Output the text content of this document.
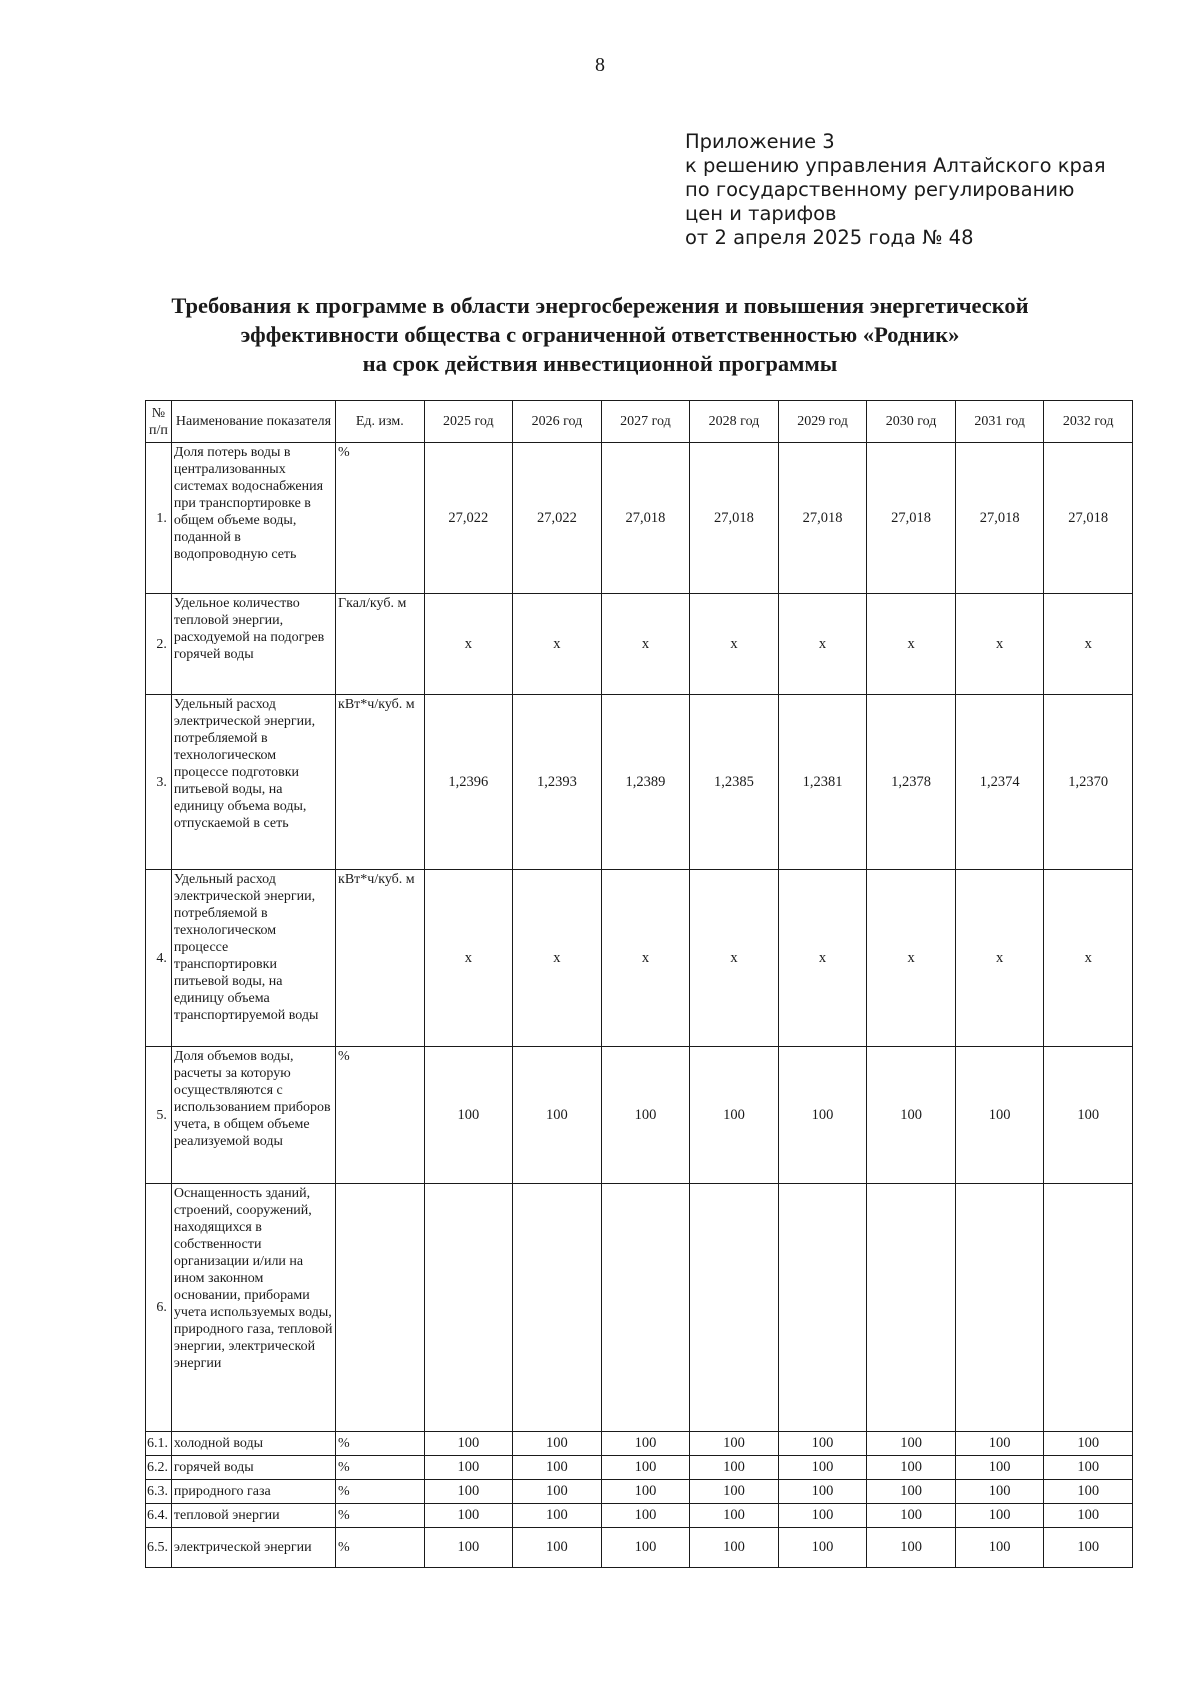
8
Приложение 3
к решению управления Алтайского края
по государственному регулированию
цен и тарифов
от 2 апреля 2025 года № 48
Требования к программе в области энергосбережения и повышения энергетической
эффективности общества с ограниченной ответственностью «Родник»
на срок действия инвестиционной программы
№ п/п	Наименование показателя	Ед. изм.	2025 год	2026 год	2027 год	2028 год	2029 год	2030 год	2031 год	2032 год
1.	Доля потерь воды в централизованных системах водоснабжения при транспортировке в общем объеме воды, поданной в водопроводную сеть	%	27,022	27,022	27,018	27,018	27,018	27,018	27,018	27,018
2.	Удельное количество тепловой энергии, расходуемой на подогрев горячей воды	Гкал/куб. м	x	x	x	x	x	x	x	x
3.	Удельный расход электрической энергии, потребляемой в технологическом процессе подготовки питьевой воды, на единицу объема воды, отпускаемой в сеть	кВт*ч/куб. м	1,2396	1,2393	1,2389	1,2385	1,2381	1,2378	1,2374	1,2370
4.	Удельный расход электрической энергии, потребляемой в технологическом процессе транспортировки питьевой воды, на единицу объема транспортируемой воды	кВт*ч/куб. м	x	x	x	x	x	x	x	x
5.	Доля объемов воды, расчеты за которую осуществляются с использованием приборов учета, в общем объеме реализуемой воды	%	100	100	100	100	100	100	100	100
6.	Оснащенность зданий, строений, сооружений, находящихся в собственности организации и/или на ином законном основании, приборами учета используемых воды, природного газа, тепловой энергии, электрической энергии									
6.1.	холодной воды	%	100	100	100	100	100	100	100	100
6.2.	горячей воды	%	100	100	100	100	100	100	100	100
6.3.	природного газа	%	100	100	100	100	100	100	100	100
6.4.	тепловой энергии	%	100	100	100	100	100	100	100	100
6.5.	электрической энергии	%	100	100	100	100	100	100	100	100
